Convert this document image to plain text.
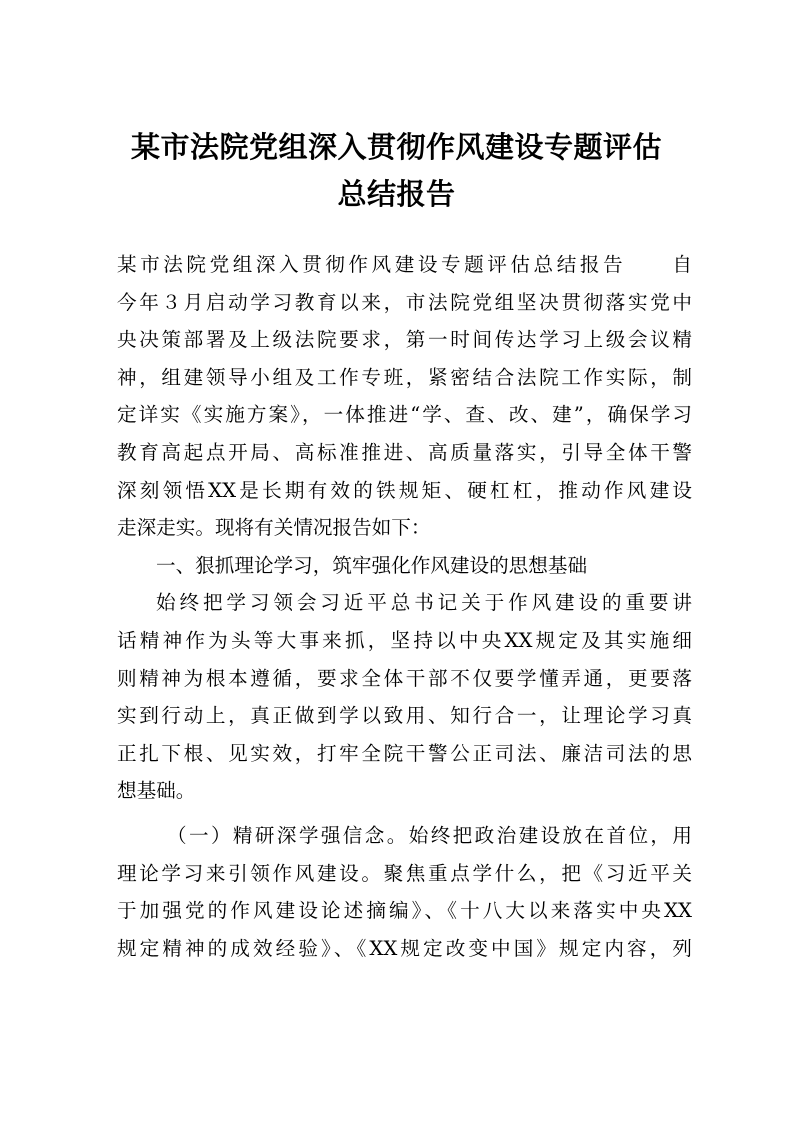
某市法院党组深入贯彻作风建设专题评估
总结报告
某市法院党组深入贯彻作风建设专题评估总结报告　　自
今年３月启动学习教育以来，市法院党组坚决贯彻落实党中
央决策部署及上级法院要求，第一时间传达学习上级会议精
神，组建领导小组及工作专班，紧密结合法院工作实际，制
定详实《实施方案》，一体推进“学、查、改、建”，确保学习
教育高起点开局、高标准推进、高质量落实，引导全体干警
深刻领悟XX是长期有效的铁规矩、硬杠杠，推动作风建设
走深走实。现将有关情况报告如下：
一、狠抓理论学习，筑牢强化作风建设的思想基础
始终把学习领会习近平总书记关于作风建设的重要讲
话精神作为头等大事来抓，坚持以中央XX规定及其实施细
则精神为根本遵循，要求全体干部不仅要学懂弄通，更要落
实到行动上，真正做到学以致用、知行合一，让理论学习真
正扎下根、见实效，打牢全院干警公正司法、廉洁司法的思
想基础。
（一）精研深学强信念。始终把政治建设放在首位，用
理论学习来引领作风建设。聚焦重点学什么，把《习近平关
于加强党的作风建设论述摘编》、《十八大以来落实中央XX
规定精神的成效经验》、《XX规定改变中国》规定内容，列
